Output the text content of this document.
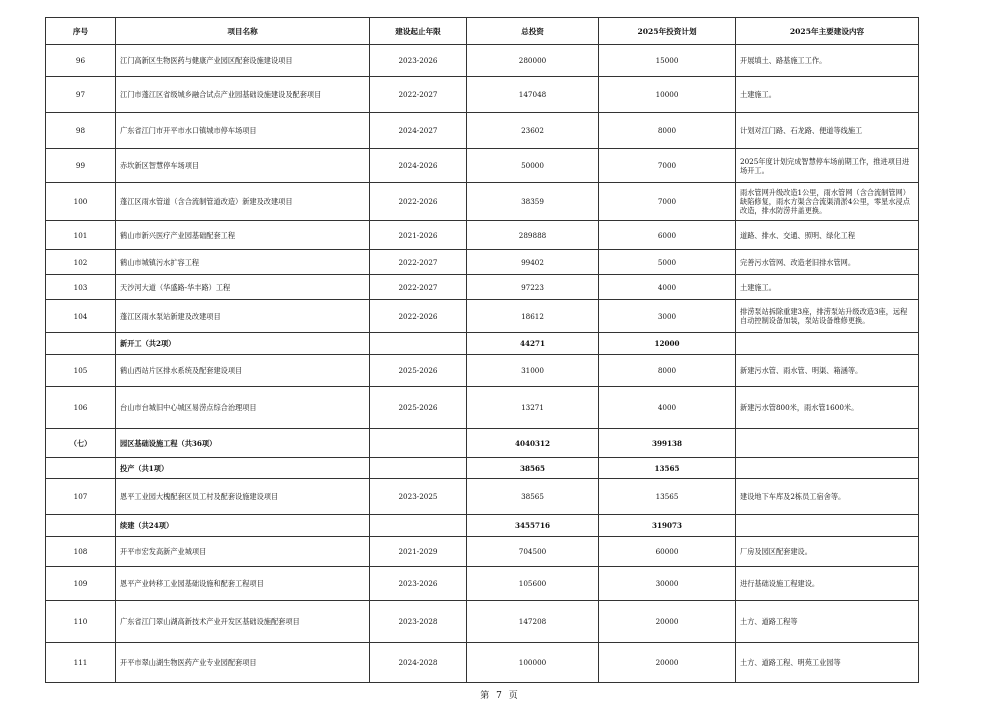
序号	项目名称	建设起止年限	总投资	2025年投资计划	2025年主要建设内容
96	江门高新区生物医药与健康产业园区配套设施建设项目	2023-2026	280000	15000	开展填土、路基施工工作。
97	江门市蓬江区省级城乡融合试点产业园基础设施建设及配套项目	2022-2027	147048	10000	土建施工。
98	广东省江门市开平市水口镇城市停车场项目	2024-2027	23602	8000	计划对江门路、石龙路、便道等线施工
99	赤坎新区智慧停车场项目	2024-2026	50000	7000	2025年度计划完成智慧停车场前期工作，推进项目进场开工。
100	蓬江区雨水管道（含合流制管道改造）新建及改建项目	2022-2026	38359	7000	雨水管网升级改造1公里，雨水管网（含合流制管网）缺陷修复，雨水方渠含合流渠清淤4公里，零星水浸点改造，排水防涝井盖更换。
101	鹤山市新兴医疗产业园基础配套工程	2021-2026	289888	6000	道路、排水、交通、照明、绿化工程
102	鹤山市城镇污水扩容工程	2022-2027	99402	5000	完善污水管网、改造老旧排水管网。
103	天沙河大道（华盛路-华丰路）工程	2022-2027	97223	4000	土建施工。
104	蓬江区雨水泵站新建及改建项目	2022-2026	18612	3000	排涝泵站拆除重建3座，排涝泵站升级改造3座，远程自动控制设备加装，泵站设备维修更换。
	新开工（共2项）		44271	12000	
105	鹤山西站片区排水系统及配套建设项目	2025-2026	31000	8000	新建污水管、雨水管、明渠、箱涵等。
106	台山市台城旧中心城区易涝点综合治理项目	2025-2026	13271	4000	新建污水管800米，雨水管1600米。
（七）	园区基础设施工程（共36项）		4040312	399138	
	投产（共1项）		38565	13565	
107	恩平工业园大槐配套区员工村及配套设施建设项目	2023-2025	38565	13565	建设地下车库及2栋员工宿舍等。
	续建（共24项）		3455716	319073	
108	开平市宏发高新产业城项目	2021-2029	704500	60000	厂房及园区配套建设。
109	恩平产业转移工业园基础设施和配套工程项目	2023-2026	105600	30000	进行基础设施工程建设。
110	广东省江门翠山湖高新技术产业开发区基础设施配套项目	2023-2028	147208	20000	土方、道路工程等
111	开平市翠山湖生物医药产业专业园配套项目	2024-2028	100000	20000	土方、道路工程、明苑工业园等
第 7 页
